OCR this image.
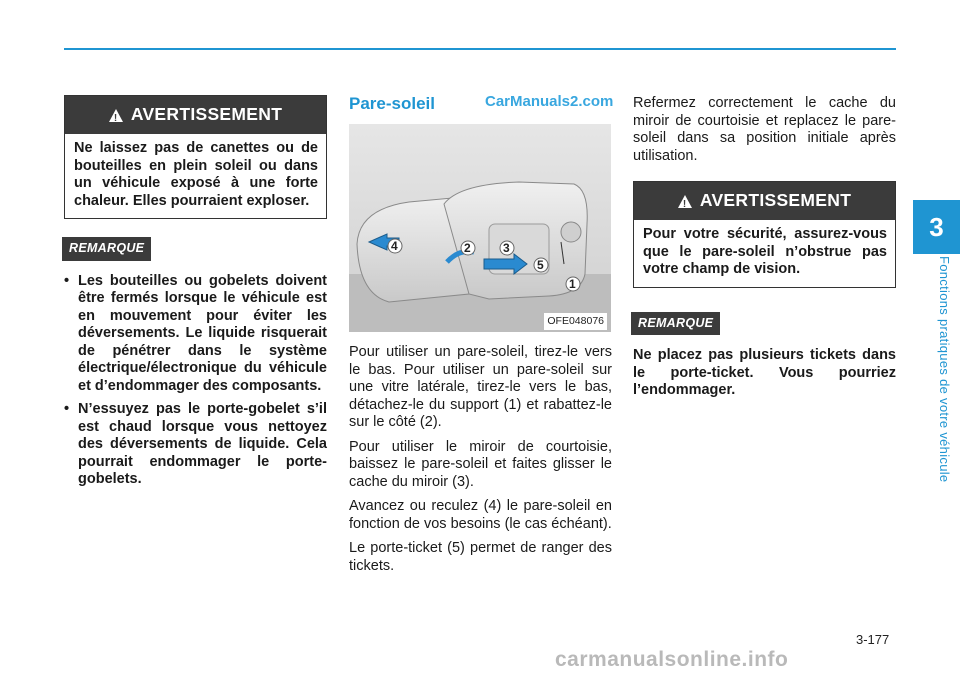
3
Fonctions pratiques de votre véhicule
!
AVERTISSEMENT
Ne laissez pas de canettes ou de bouteilles en plein soleil ou dans un véhicule exposé à une forte chaleur. Elles pourraient exploser.
REMARQUE
• Les bouteilles ou gobelets doivent être fermés lorsque le véhicule est en mouvement pour éviter les déversements. Le liquide risquerait de pénétrer dans le système électrique/électronique du véhicule et d’endommager des composants.
• N’essuyez pas le porte-gobelet s’il est chaud lorsque vous nettoyez des déversements de liquide. Cela pourrait endommager le porte-gobelets.
CarManuals2.com
Pare-soleil
1
2	3
4
5
OFE048076

Pour utiliser un pare-soleil, tirez-le vers le bas. Pour utiliser un pare-soleil sur une vitre latérale, tirez-le vers le bas, détachez-le du support (1) et rabattez-le sur le côté (2).

Pour utiliser le miroir de courtoisie, baissez le pare-soleil et faites glisser le cache du miroir (3).

Avancez ou reculez (4) le pare-soleil en fonction de vos besoins (le cas échéant).

Le porte-ticket (5) permet de ranger des tickets.

Refermez correctement le cache du miroir de courtoisie et replacez le pare-soleil dans sa position initiale après utilisation.

!
AVERTISSEMENT
Pour votre sécurité, assurez-vous que le pare-soleil n’obstrue pas votre champ de vision.
REMARQUE

Ne placez pas plusieurs tickets dans le porte-ticket. Vous pourriez l’endommager.

3-177
carmanualsonline.info
